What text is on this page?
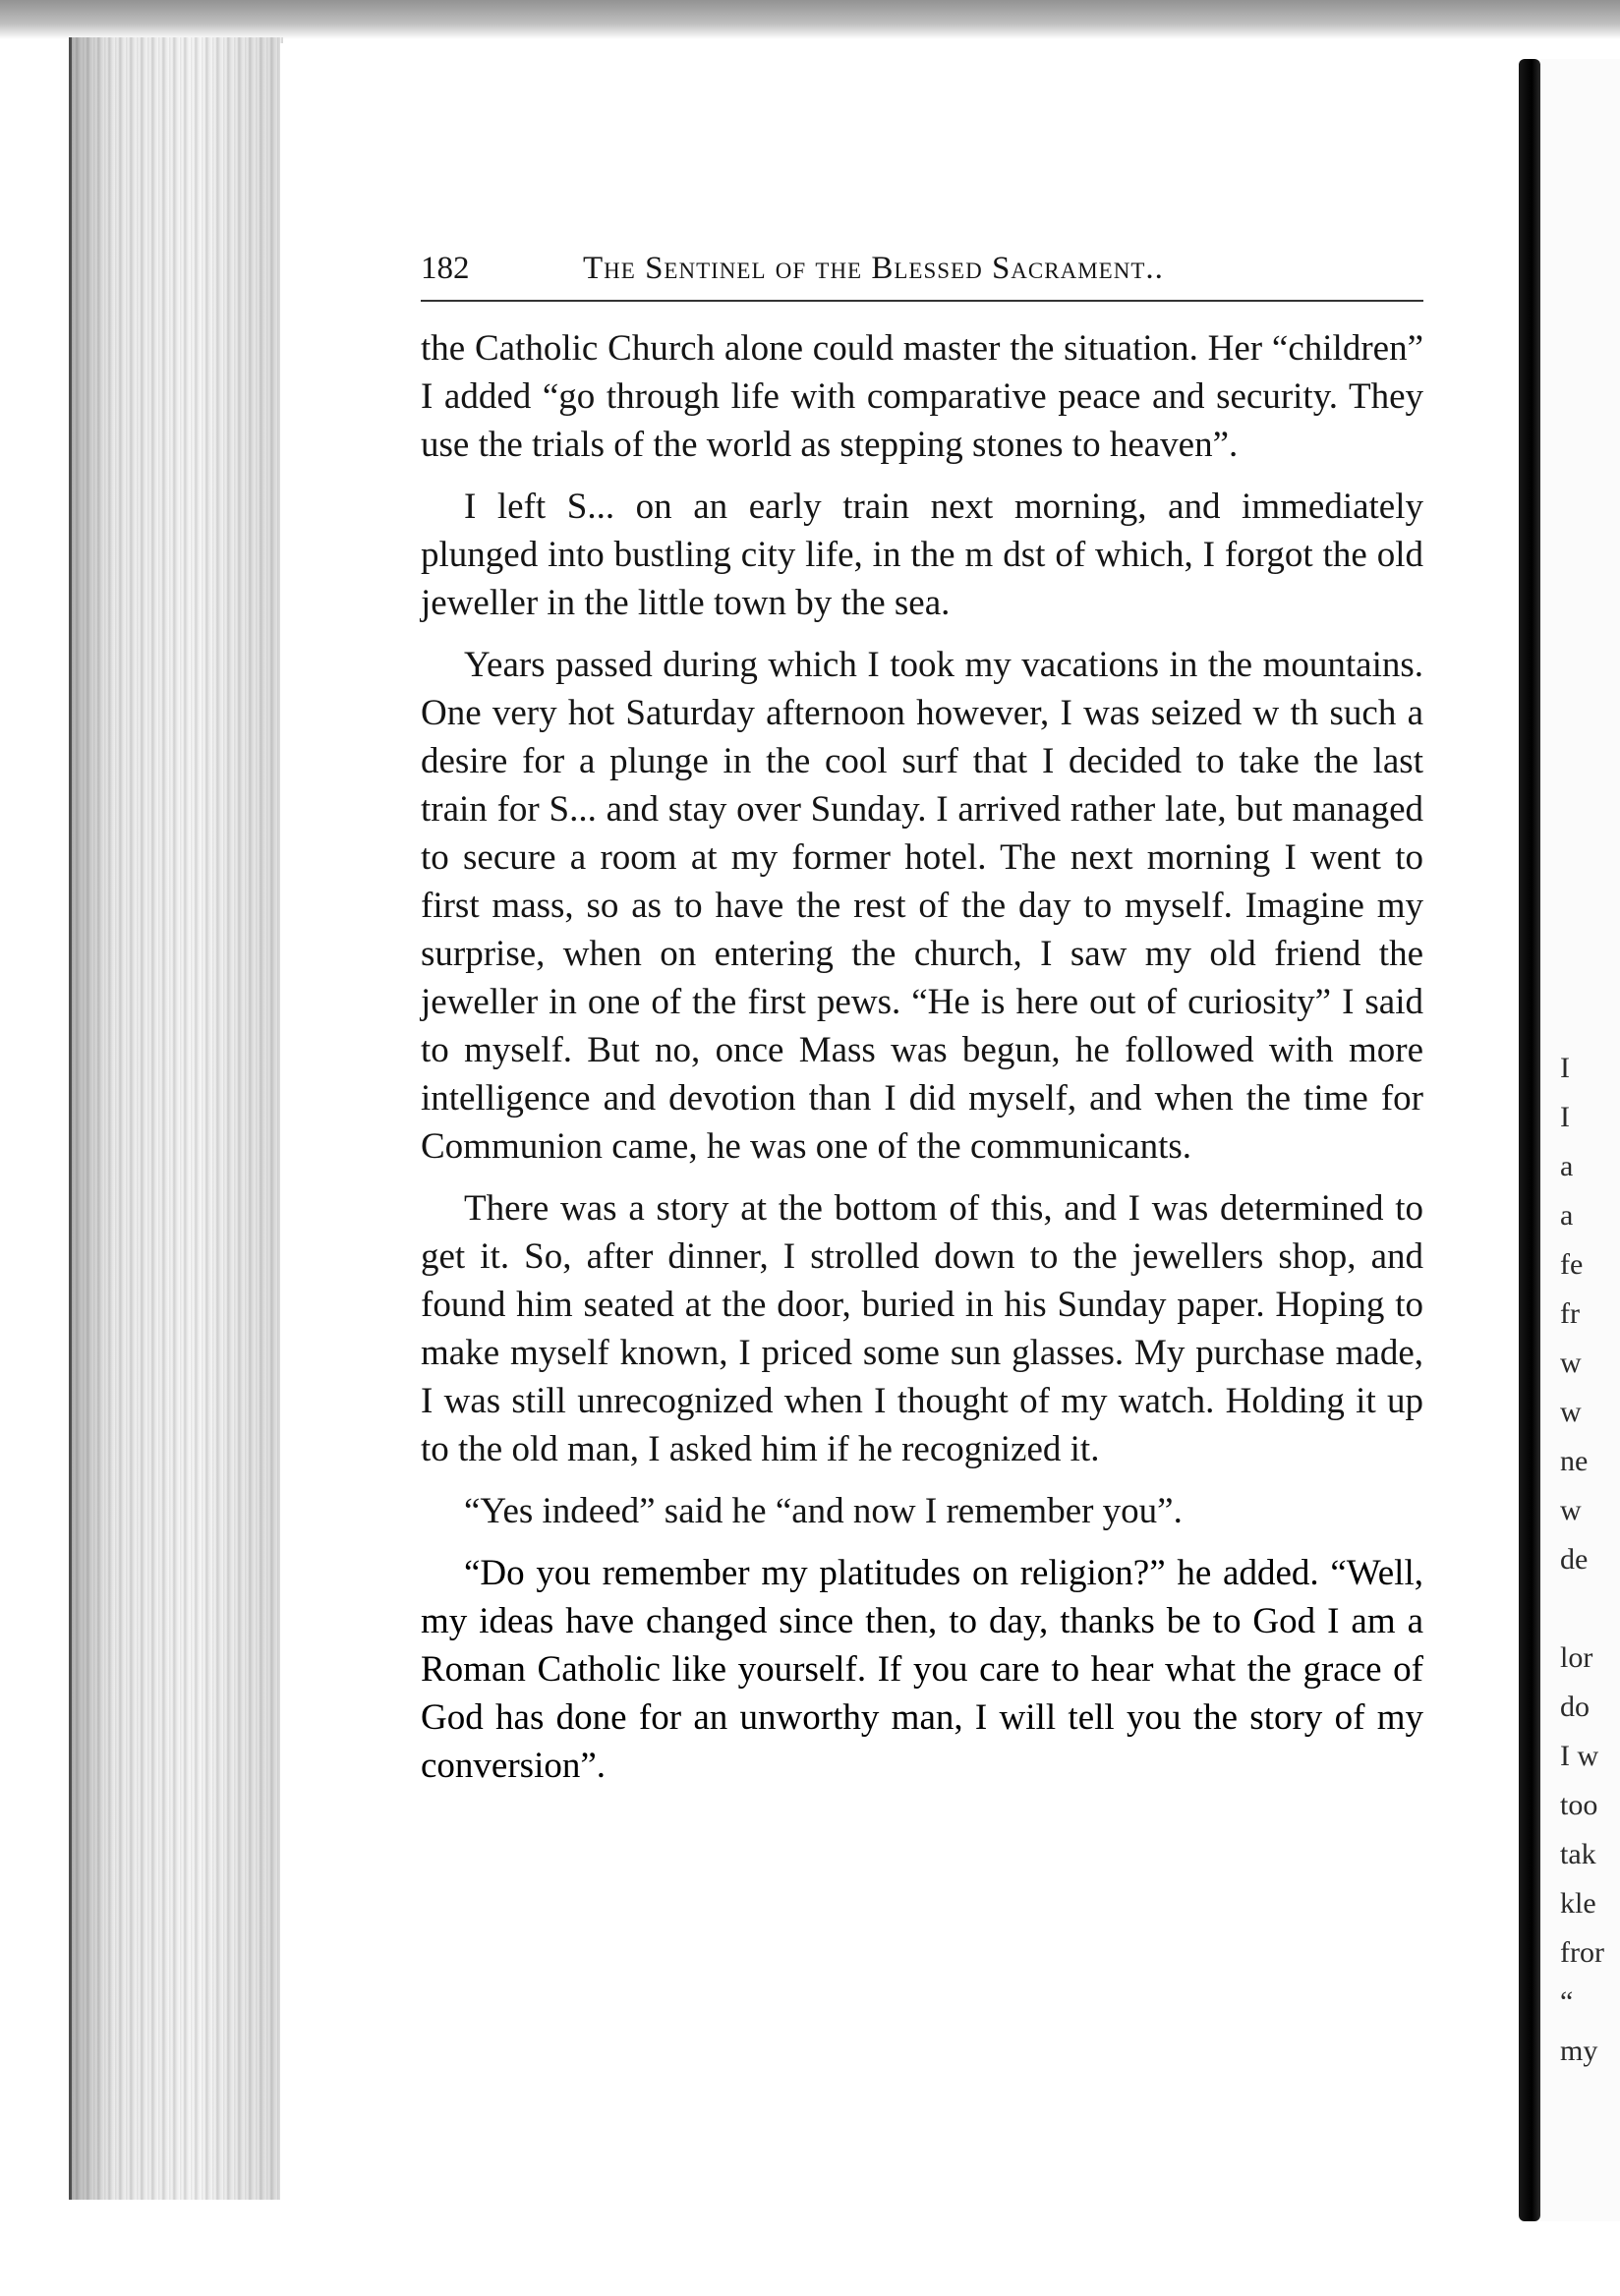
182	The Sentinel of the Blessed Sacrament..

the Catholic Church alone could master the situation. Her “children” I added “go through life with comparative peace and security. They use the trials of the world as stepping stones to heaven”.

I left S... on an early train next morning, and immediately plunged into bustling city life, in the m dst of which, I forgot the old jeweller in the little town by the sea.

Years passed during which I took my vacations in the mountains. One very hot Saturday afternoon however, I was seized w th such a desire for a plunge in the cool surf that I decided to take the last train for S... and stay over Sunday. I arrived rather late, but managed to secure a room at my former hotel. The next morning I went to first mass, so as to have the rest of the day to myself. Imagine my surprise, when on entering the church, I saw my old friend the jeweller in one of the first pews. “He is here out of curiosity” I said to myself. But no, once Mass was begun, he followed with more intelligence and devotion than I did myself, and when the time for Communion came, he was one of the communicants.

There was a story at the bottom of this, and I was determined to get it. So, after dinner, I strolled down to the jewellers shop, and found him seated at the door, buried in his Sunday paper. Hoping to make myself known, I priced some sun glasses. My purchase made, I was still unrecognized when I thought of my watch. Holding it up to the old man, I asked him if he recognized it.

“Yes indeed” said he “and now I remember you”.

“Do you remember my platitudes on religion?” he added. “Well, my ideas have changed since then, to day, thanks be to God I am a Roman Catholic like yourself. If you care to hear what the grace of God has done for an unworthy man, I will tell you the story of my conversion”.

I
I
a
a
fe
fr
w
w
ne
w
de
lor
do
I w
too
tak
kle
fror
“
my
